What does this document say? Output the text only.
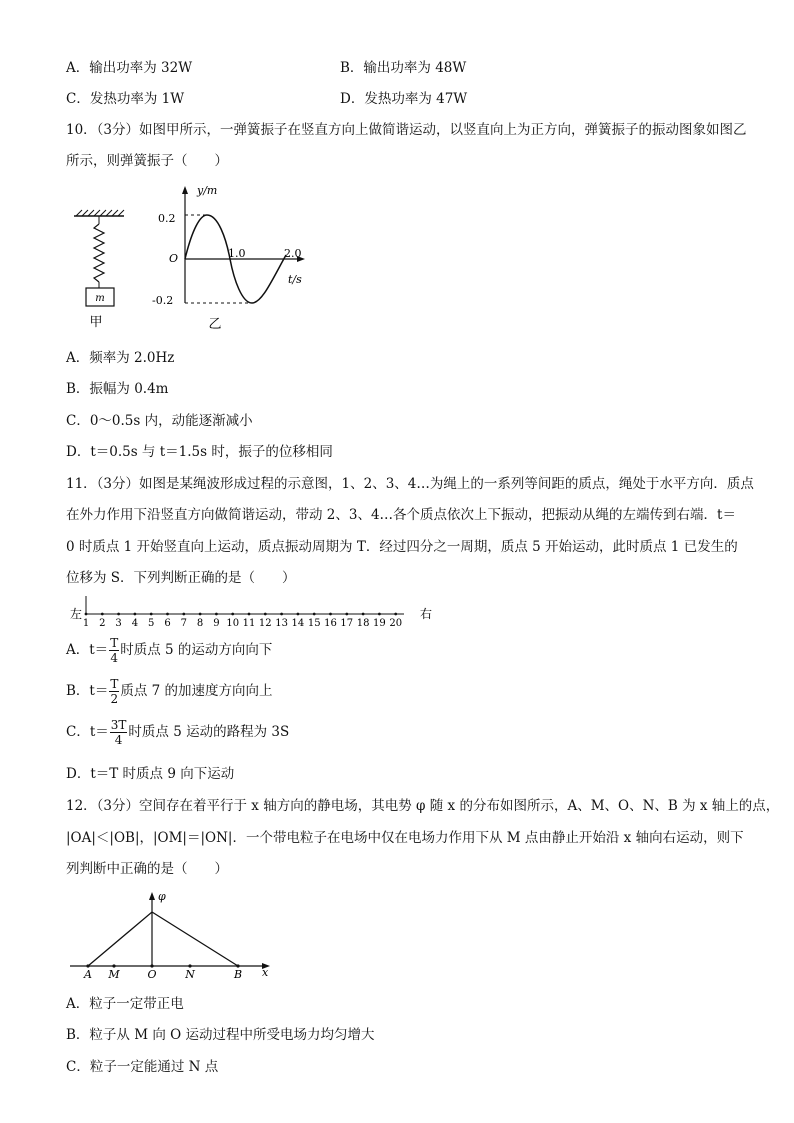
A．输出功率为 32W	B．输出功率为 48W
C．发热功率为 1W	D．发热功率为 47W
10．（3分）如图甲所示，一弹簧振子在竖直方向上做简谐运动，以竖直向上为正方向，弹簧振子的振动图象如图乙
所示，则弹簧振子（　　）
m
甲
y/m
t/s
O
0.2
-0.2
1.0	2.0
乙
A．频率为 2.0Hz
B．振幅为 0.4m
C．0～0.5s 内，动能逐渐减小
D．t＝0.5s 与 t＝1.5s 时，振子的位移相同
11．（3分）如图是某绳波形成过程的示意图，1、2、3、4…为绳上的一系列等间距的质点，绳处于水平方向．质点
在外力作用下沿竖直方向做简谐运动，带动 2、3、4…各个质点依次上下振动，把振动从绳的左端传到右端．t＝
0 时质点 1 开始竖直向上运动，质点振动周期为 T．经过四分之一周期，质点 5 开始运动，此时质点 1 已发生的
位移为 S．下列判断正确的是（　　）
左	右
1 2 3 4 5 6 7 8 9 10 11 12 13 14 15 16 17 18 19 20
A．$t= \frac{T}{4}$ 时质点 5 的运动方向向下
B．$t= \frac{T}{2}$ 质点 7 的加速度方向向上
C．$t= \frac{3T}{4}$ 时质点 5 运动的路程为 3S
D．t＝T 时质点 9 向下运动
12．（3分）空间存在着平行于 x 轴方向的静电场，其电势 φ 随 x 的分布如图所示，A、M、O、N、B 为 x 轴上的点，
|OA|＜|OB|，|OM|＝|ON|．一个带电粒子在电场中仅在电场力作用下从 M 点由静止开始沿 x 轴向右运动，则下
列判断中正确的是（　　）
φ
A M	O	N	B x
A．粒子一定带正电
B．粒子从 M 向 O 运动过程中所受电场力均匀增大
C．粒子一定能通过 N 点
